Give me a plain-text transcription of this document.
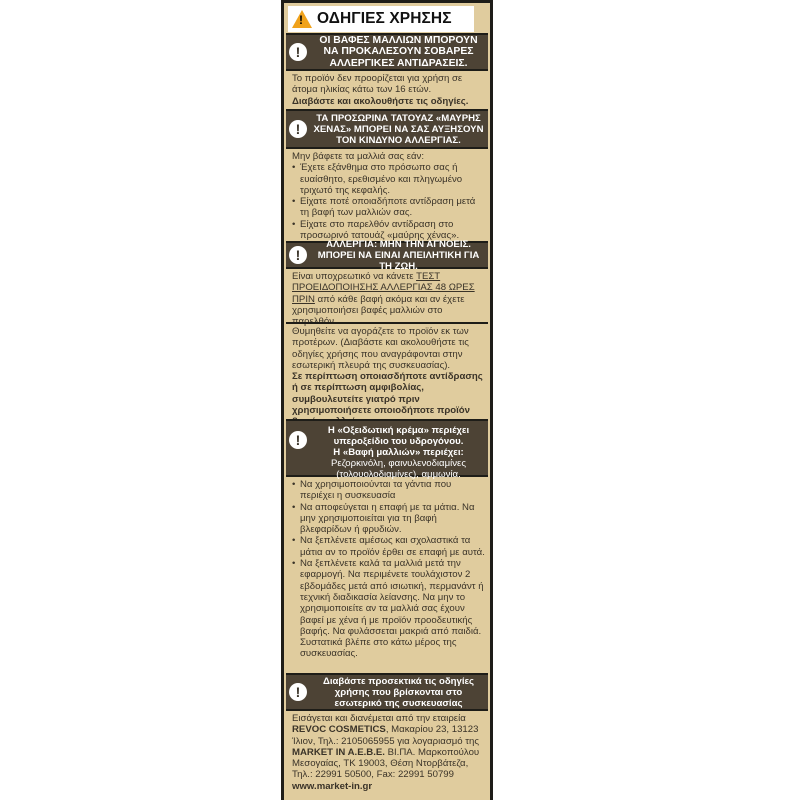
! ΟΔΗΓΙΕΣ ΧΡΗΣΗΣ
!
ΟΙ ΒΑΦΕΣ ΜΑΛΛΙΩΝ ΜΠΟΡΟΥΝ ΝΑ ΠΡΟΚΑΛΕΣΟΥΝ ΣΟΒΑΡΕΣ ΑΛΛΕΡΓΙΚΕΣ ΑΝΤΙΔΡΑΣΕΙΣ.

Το προϊόν δεν προορίζεται για χρήση σε άτομα ηλικίας κάτω των 16 ετών.

Διαβάστε και ακολουθήστε τις οδηγίες.

!
ΤΑ ΠΡΟΣΩΡΙΝΑ ΤΑΤΟΥΑΖ «ΜΑΥΡΗΣ ΧΕΝΑΣ» ΜΠΟΡΕΙ ΝΑ ΣΑΣ ΑΥΞΗΣΟΥΝ ΤΟΝ ΚΙΝΔΥΝΟ ΑΛΛΕΡΓΙΑΣ.

Μην βάφετε τα μαλλιά σας εάν:

• Έχετε εξάνθημα στο πρόσωπο σας ή ευαίσθητο, ερεθισμένο και πληγωμένο τριχωτό της κεφαλής.
• Είχατε ποτέ οποιαδήποτε αντίδραση μετά τη βαφή των μαλλιών σας.
• Είχατε στο παρελθόν αντίδραση στο προσωρινό τατουάζ «μαύρης χένας».
!
ΑΛΛΕΡΓΙΑ: ΜΗΝ ΤΗΝ ΑΓΝΟΕΙΣ. ΜΠΟΡΕΙ ΝΑ ΕΙΝΑΙ ΑΠΕΙΛΗΤΙΚΗ ΓΙΑ ΤΗ ΖΩΗ.

Είναι υποχρεωτικό να κάνετε ΤΕΣΤ ΠΡΟΕΙΔΟΠΟΙΗΣΗΣ ΑΛΛΕΡΓΙΑΣ 48 ΩΡΕΣ ΠΡΙΝ από κάθε βαφή ακόμα και αν έχετε χρησιμοποιήσει βαφές μαλλιών στο

Θυμηθείτε να αγοράζετε το προϊόν εκ των προτέρων. (Διαβάστε και ακολουθήστε τις οδηγίες χρήσης που αναγράφονται στην εσωτερική πλευρά της συσκευασίας).

Σε περίπτωση οποιασδήποτε αντίδρασης ή σε περίπτωση αμφιβολίας, συμβουλευτείτε γιατρό πριν χρησιμοποιήσετε οποιοδήποτε προϊόν

!
Η «Οξειδωτική κρέμα» περιέχει υπεροξείδιο του υδρογόνου.
Η «Βαφή μαλλιών» περιέχει:
Ρεζορκινόλη, φαινυλενοδιαμίνες (τολουολοδιαμίνες), αμμωνία.
• Να χρησιμοποιούνται τα γάντια που περιέχει η συσκευασία
• Να αποφεύγεται η επαφή με τα μάτια. Να μην χρησιμοποιείται για τη βαφή βλεφαρίδων ή φρυδιών.
• Να ξεπλένετε αμέσως και σχολαστικά τα μάτια αν το προϊόν έρθει σε επαφή με αυτά.
• Να ξεπλένετε καλά τα μαλλιά μετά την εφαρμογή. Να περιμένετε τουλάχιστον 2 εβδομάδες μετά από ισιωτική, περμανάντ ή τεχνική διαδικασία λείανσης. Να μην το χρησιμοποιείτε αν τα μαλλιά σας έχουν βαφεί με χένα ή με προϊόν προοδευτικής βαφής. Να φυλάσσεται μακριά από παιδιά. Συστατικά βλέπε στο κάτω μέρος της συσκευασίας.
!
Διαβάστε προσεκτικά τις οδηγίες χρήσης που βρίσκονται στο εσωτερικό της συσκευασίας

Εισάγεται και διανέμεται από την εταιρεία REVOC COSMETICS, Μακαρίου 23, 13123 Ίλιον, Τηλ.: 2105065955 για λογαριασμό της MARKET IN A.E.B.E. ΒΙ.ΠΑ. Μαρκοπούλου Μεσογαίας, ΤΚ 19003, Θέση Ντορβάτεζα, Τηλ.: 22991 50500, Fax: 22991 50799

www.market-in.gr
